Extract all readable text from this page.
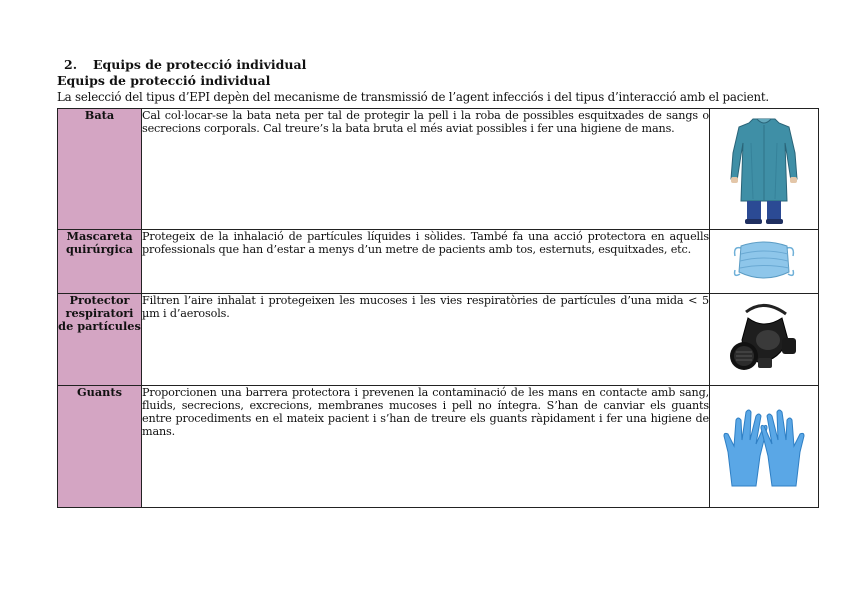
2. Equips de protecció individual
Equips de protecció individual
La selecció del tipus d’EPI depèn del mecanisme de transmissió de l’agent infecciós i del tipus d’interacció amb el pacient.
Bata	Cal col·locar-se la bata neta per tal de protegir la pell i la roba de possibles esquitxades de sangs o secrecions corporals. Cal treure’s la bata bruta el més aviat possibles i fer una higiene de mans.	

Mascareta quirúrgica	Protegeix de la inhalació de partícules líquides i sòlides. També fa una acció protectora en aquells professionals que han d’estar a menys d’un metre de pacients amb tos, esternuts, esquitxades, etc.	

Protector respiratori de partícules	Filtren l’aire inhalat i protegeixen les mucoses i les vies respiratòries de partícules d’una mida < 5 µm i d’aerosols.	

Guants	Proporcionen una barrera protectora i prevenen la contaminació de les mans en contacte amb sang, fluids, secrecions, excrecions, membranes mucoses i pell no íntegra. S’han de canviar els guants entre procediments en el mateix pacient i s’han de treure els guants ràpidament i fer una higiene de mans.	
